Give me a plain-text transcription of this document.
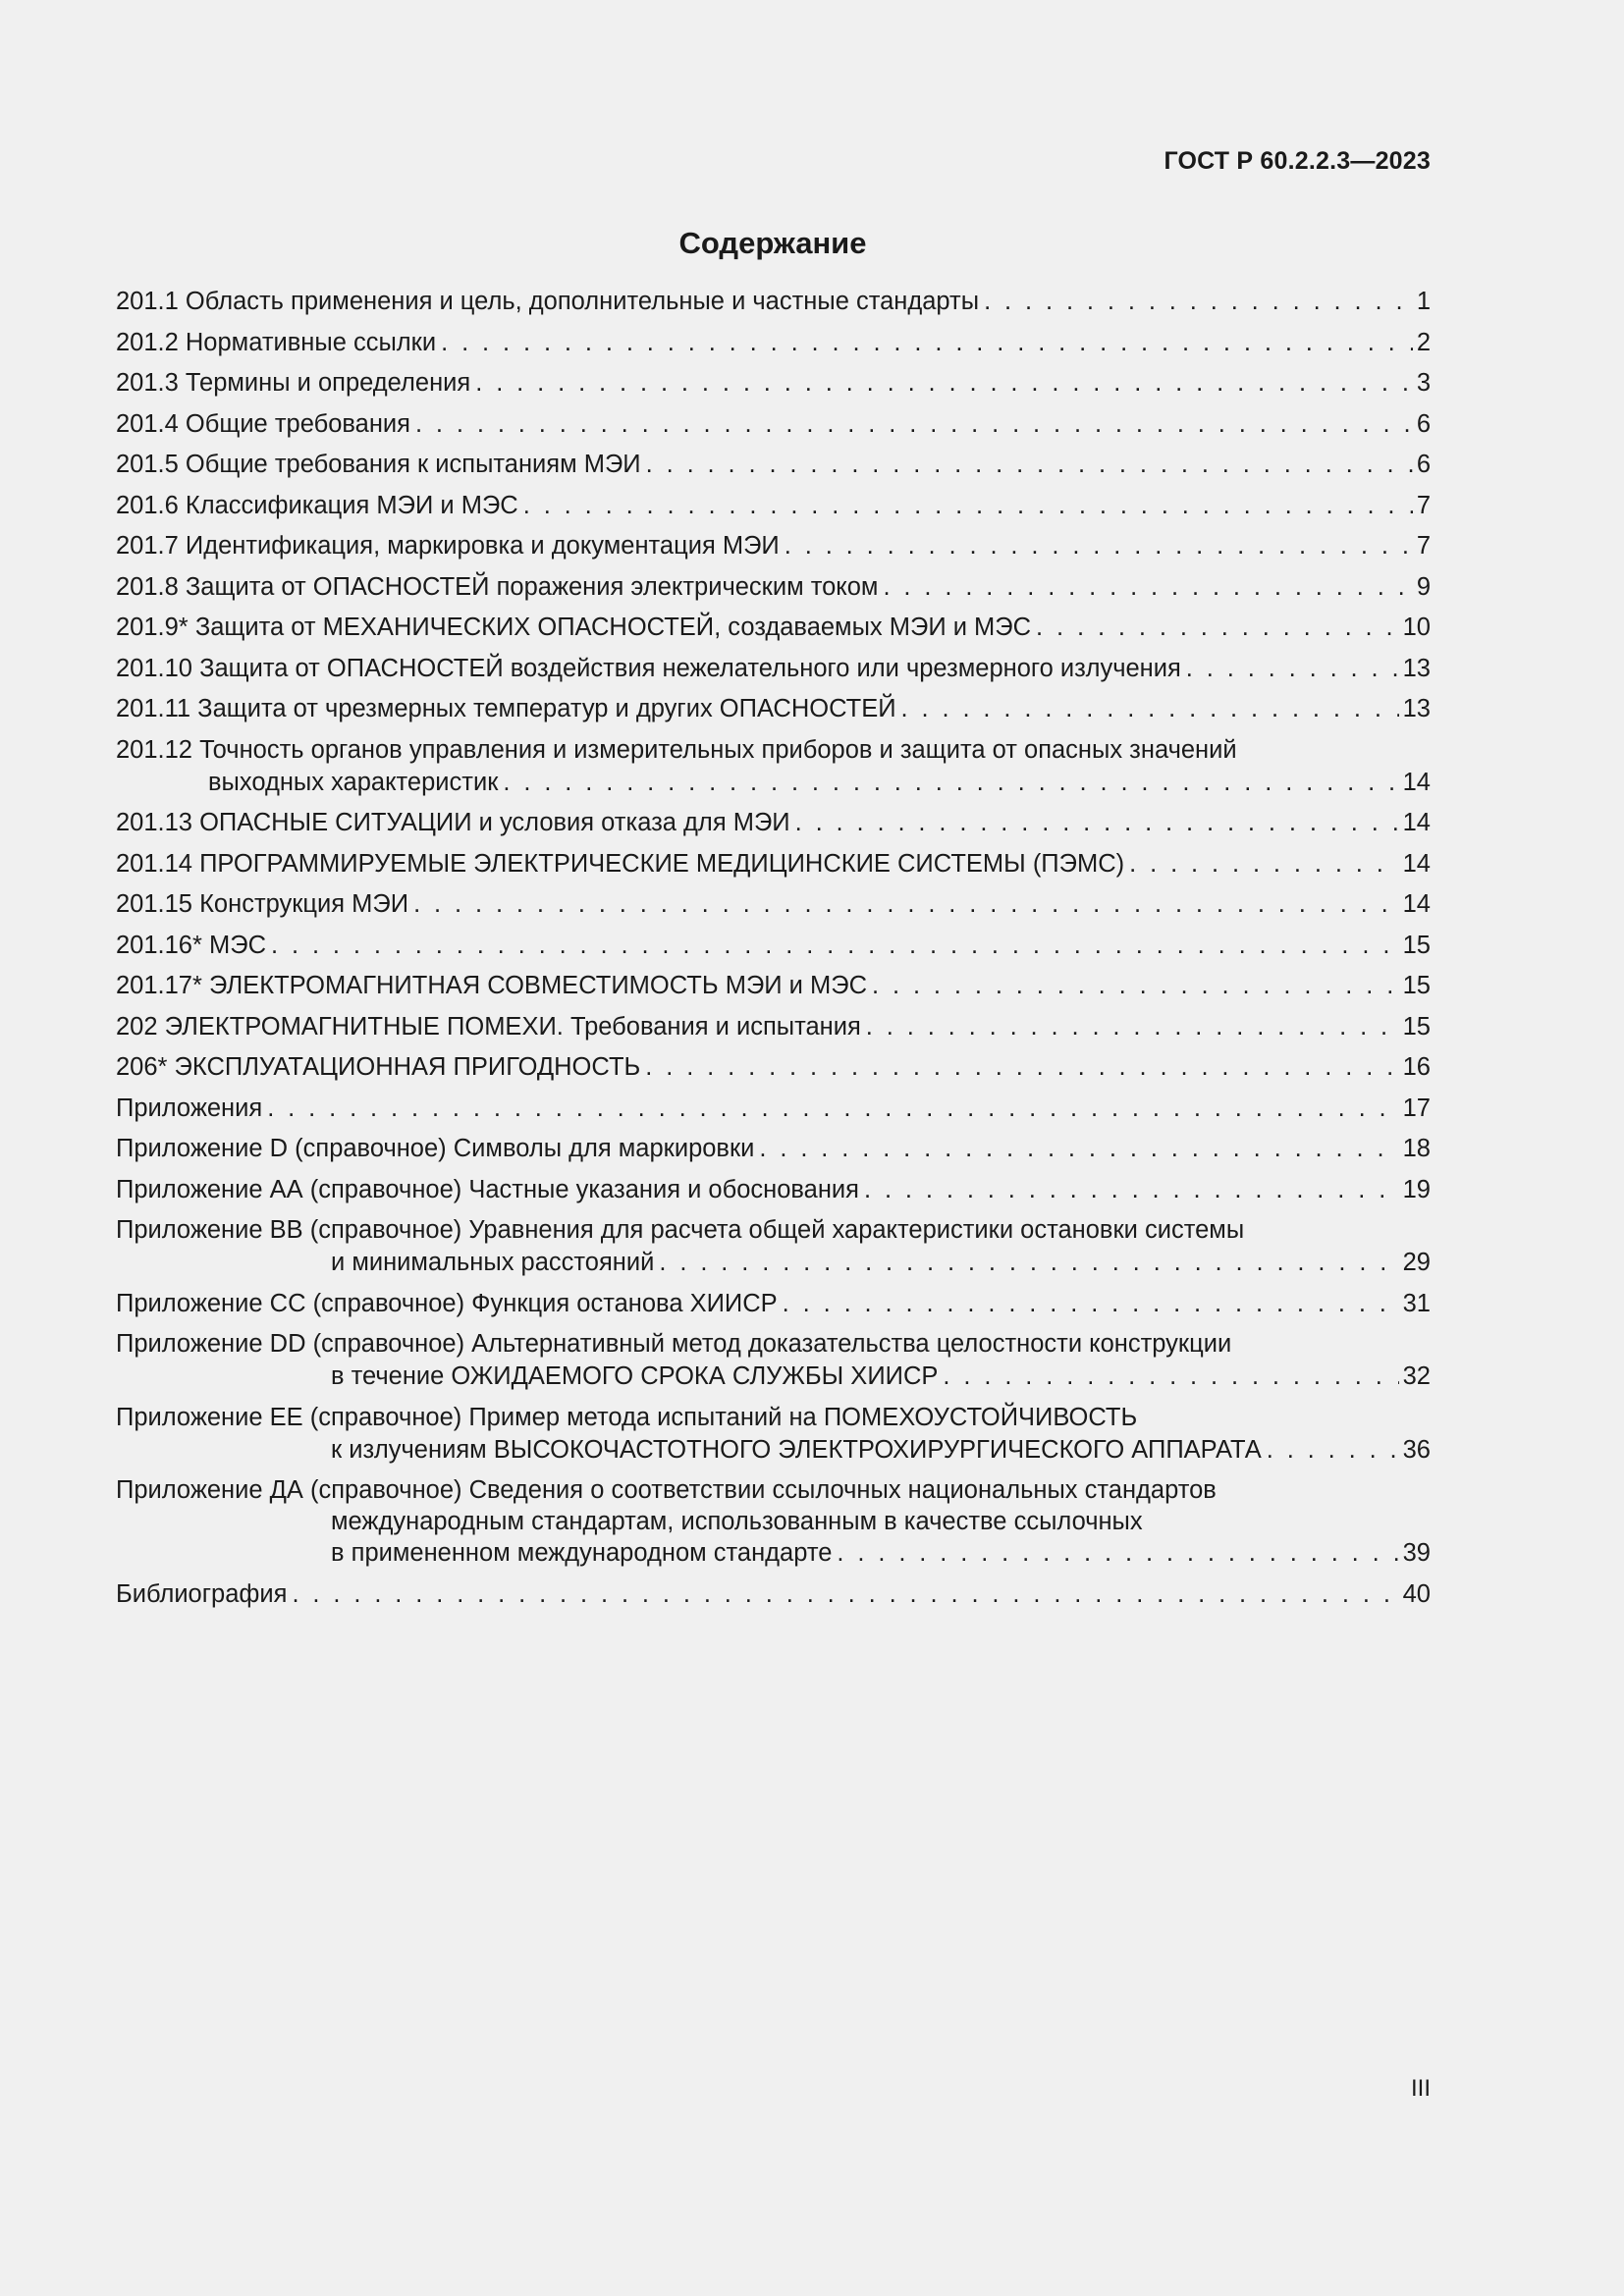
ГОСТ Р 60.2.2.3—2023
Содержание
201.1 Область применения и цель, дополнительные и частные стандарты . . .	1
201.2 Нормативные ссылки . . .	2
201.3 Термины и определения . . .	3
201.4 Общие требования . . .	6
201.5 Общие требования к испытаниям МЭИ . . .	6
201.6 Классификация МЭИ и МЭС . . .	7
201.7 Идентификация, маркировка и документация МЭИ . . .	7
201.8 Защита от ОПАСНОСТЕЙ поражения электрическим током . . .	9
201.9* Защита от МЕХАНИЧЕСКИХ ОПАСНОСТЕЙ, создаваемых МЭИ и МЭС . . .	10
201.10 Защита от ОПАСНОСТЕЙ воздействия нежелательного или чрезмерного излучения . . .	13
201.11 Защита от чрезмерных температур и других ОПАСНОСТЕЙ . . .	13
201.12 Точность органов управления и измерительных приборов и защита от опасных значений
выходных характеристик . . .	14
201.13 ОПАСНЫЕ СИТУАЦИИ и условия отказа для МЭИ . . .	14
201.14 ПРОГРАММИРУЕМЫЕ ЭЛЕКТРИЧЕСКИЕ МЕДИЦИНСКИЕ СИСТЕМЫ (ПЭМС) . . .	14
201.15 Конструкция МЭИ . . .	14
201.16* МЭС . . .	15
201.17* ЭЛЕКТРОМАГНИТНАЯ СОВМЕСТИМОСТЬ МЭИ и МЭС . . .	15
202 ЭЛЕКТРОМАГНИТНЫЕ ПОМЕХИ. Требования и испытания . . .	15
206* ЭКСПЛУАТАЦИОННАЯ ПРИГОДНОСТЬ . . .	16
Приложения . . .	17
Приложение D (справочное) Символы для маркировки . . .	18
Приложение АА (справочное) Частные указания и обоснования . . .	19
Приложение ВВ (справочное) Уравнения для расчета общей характеристики остановки системы
и минимальных расстояний . . .	29
Приложение СС (справочное) Функция останова ХИИСР . . .	31
Приложение DD (справочное) Альтернативный метод доказательства целостности конструкции
в течение ОЖИДАЕМОГО СРОКА СЛУЖБЫ ХИИСР . . .	32
Приложение ЕЕ (справочное) Пример метода испытаний на ПОМЕХОУСТОЙЧИВОСТЬ
к излучениям ВЫСОКОЧАСТОТНОГО ЭЛЕКТРОХИРУРГИЧЕСКОГО АППАРАТА . . .	36
Приложение ДА (справочное) Сведения о соответствии ссылочных национальных стандартов
международным стандартам, использованным в качестве ссылочных
в примененном международном стандарте . . .	39
Библиография . . .	40
III
